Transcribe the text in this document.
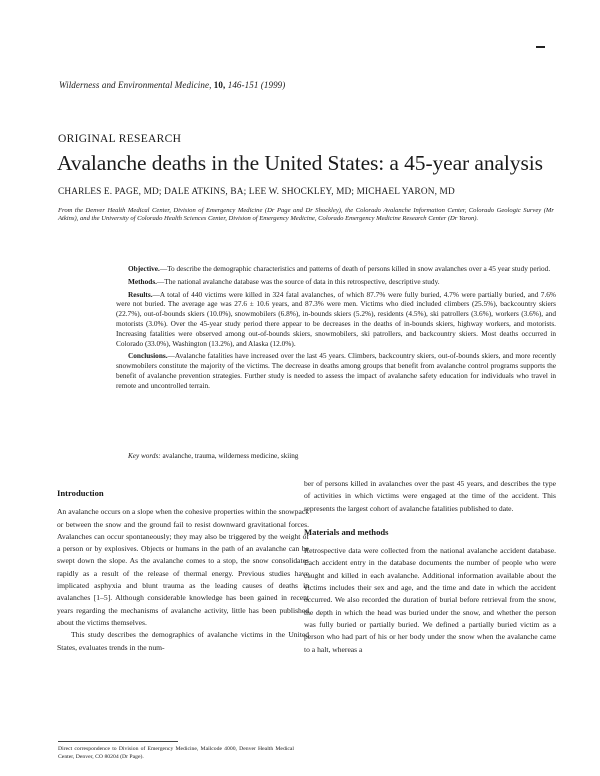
Wilderness and Environmental Medicine, 10, 146-151 (1999)
ORIGINAL RESEARCH
Avalanche deaths in the United States: a 45-year analysis
CHARLES E. PAGE, MD; DALE ATKINS, BA; LEE W. SHOCKLEY, MD; MICHAEL YARON, MD
From the Denver Health Medical Center, Division of Emergency Medicine (Dr Page and Dr Shockley), the Colorado Avalanche Information Center, Colorado Geologic Survey (Mr Atkins), and the University of Colorado Health Sciences Center, Division of Emergency Medicine, Colorado Emergency Medicine Research Center (Dr Yaron).

Objective.—To describe the demographic characteristics and patterns of death of persons killed in snow avalanches over a 45 year study period.

Methods.—The national avalanche database was the source of data in this retrospective, descriptive study.

Results.—A total of 440 victims were killed in 324 fatal avalanches, of which 87.7% were fully buried, 4.7% were partially buried, and 7.6% were not buried. The average age was 27.6 ± 10.6 years, and 87.3% were men. Victims who died included climbers (25.5%), backcountry skiers (22.7%), out-of-bounds skiers (10.0%), snowmobilers (6.8%), in-bounds skiers (5.2%), residents (4.5%), ski patrollers (3.6%), workers (3.6%), and motorists (3.0%). Over the 45-year study period there appear to be decreases in the deaths of in-bounds skiers, highway workers, and motorists. Increasing fatalities were observed among out-of-bounds skiers, snowmobilers, ski patrollers, and backcountry skiers. Most deaths occurred in Colorado (33.0%), Washington (13.2%), and Alaska (12.0%).

Conclusions.—Avalanche fatalities have increased over the last 45 years. Climbers, backcountry skiers, out-of-bounds skiers, and more recently snowmobilers constitute the majority of the victims. The decrease in deaths among groups that benefit from avalanche control programs supports the benefit of avalanche prevention strategies. Further study is needed to assess the impact of avalanche safety education for individuals who travel in remote and uncontrolled terrain.

Key words: avalanche, trauma, wilderness medicine, skiing
Introduction

An avalanche occurs on a slope when the cohesive properties within the snowpack or between the snow and the ground fail to resist downward gravitational forces. Avalanches can occur spontaneously; they may also be triggered by the weight of a person or by explosives. Objects or humans in the path of an avalanche can be swept down the slope. As the avalanche comes to a stop, the snow consolidates rapidly as a result of the release of thermal energy. Previous studies have implicated asphyxia and blunt trauma as the leading causes of deaths in avalanches [1–5]. Although considerable knowledge has been gained in recent years regarding the mechanisms of avalanche activity, little has been published about the victims themselves.

This study describes the demographics of avalanche victims in the United States, evaluates trends in the num-

ber of persons killed in avalanches over the past 45 years, and describes the type of activities in which victims were engaged at the time of the accident. This represents the largest cohort of avalanche fatalities published to date.

Materials and methods

Retrospective data were collected from the national avalanche accident database. Each accident entry in the database documents the number of people who were caught and killed in each avalanche. Additional information available about the victims includes their sex and age, and the time and date in which the accident occurred. We also recorded the duration of burial before retrieval from the snow, the depth in which the head was buried under the snow, and whether the person was fully buried or partially buried. We defined a partially buried victim as a person who had part of his or her body under the snow when the avalanche came to a halt, whereas a

Direct correspondence to Division of Emergency Medicine, Mailcode 4000, Denver Health Medical Center, Denver, CO 80204 (Dr Page).
